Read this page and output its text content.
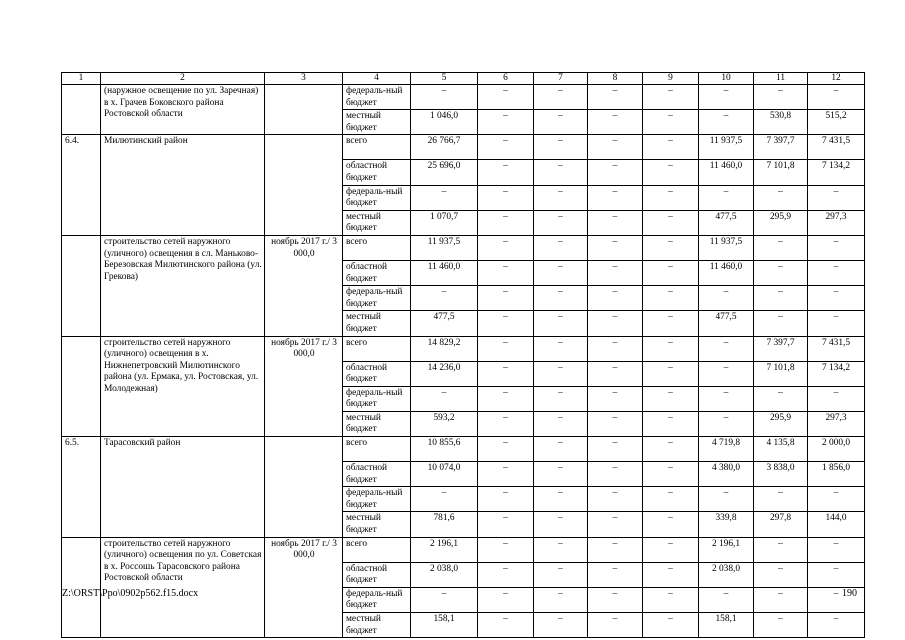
1	2	3	4	5	6	7	8	9	10	11	12
	(наружное освещение по ул. Заречная) в х. Грачев Боковского района Ростовской области		федераль-ный бюджет	–	–	–	–	–	–	–	–
			местный бюджет	1 046,0	–	–	–	–	–	530,8	515,2
6.4.	Милютинский район		всего	26 766,7	–	–	–	–	11 937,5	7 397,7	7 431,5
			областной бюджет	25 696,0	–	–	–	–	11 460,0	7 101,8	7 134,2
			федераль-ный бюджет	–	–	–	–	–	–	–	–
			местный бюджет	1 070,7	–	–	–	–	477,5	295,9	297,3
	строительство сетей наружного (уличного) освещения в сл. Маньково-Березовская Милютинского района (ул. Грекова)	ноябрь 2017 г./ 3 000,0	всего	11 937,5	–	–	–	–	11 937,5	–	–
			областной бюджет	11 460,0	–	–	–	–	11 460,0	–	–
			федераль-ный бюджет	–	–	–	–	–	–	–	–
			местный бюджет	477,5	–	–	–	–	477,5	–	–
	строительство сетей наружного (уличного) освещения в х. Нижнепетровский Милютинского района (ул. Ермака, ул. Ростовская, ул. Молодежная)	ноябрь 2017 г./ 3 000,0	всего	14 829,2	–	–	–	–	–	7 397,7	7 431,5
			областной бюджет	14 236,0	–	–	–	–	–	7 101,8	7 134,2
			федераль-ный бюджет	–	–	–	–	–	–	–	–
			местный бюджет	593,2	–	–	–	–	–	295,9	297,3
6.5.	Тарасовский район		всего	10 855,6	–	–	–	–	4 719,8	4 135,8	2 000,0
			областной бюджет	10 074,0	–	–	–	–	4 380,0	3 838,0	1 856,0
			федераль-ный бюджет	–	–	–	–	–	–	–	–
			местный бюджет	781,6	–	–	–	–	339,8	297,8	144,0
	строительство сетей наружного (уличного) освещения по ул. Советская в х. Россошь Тарасовского района Ростовской области	ноябрь 2017 г./ 3 000,0	всего	2 196,1	–	–	–	–	2 196,1	–	–
			областной бюджет	2 038,0	–	–	–	–	2 038,0	–	–
			федераль-ный бюджет	–	–	–	–	–	–	–	–
			местный бюджет	158,1	–	–	–	–	158,1	–	–
Z:\ORST\Ppo\0902p562.f15.docx	190
